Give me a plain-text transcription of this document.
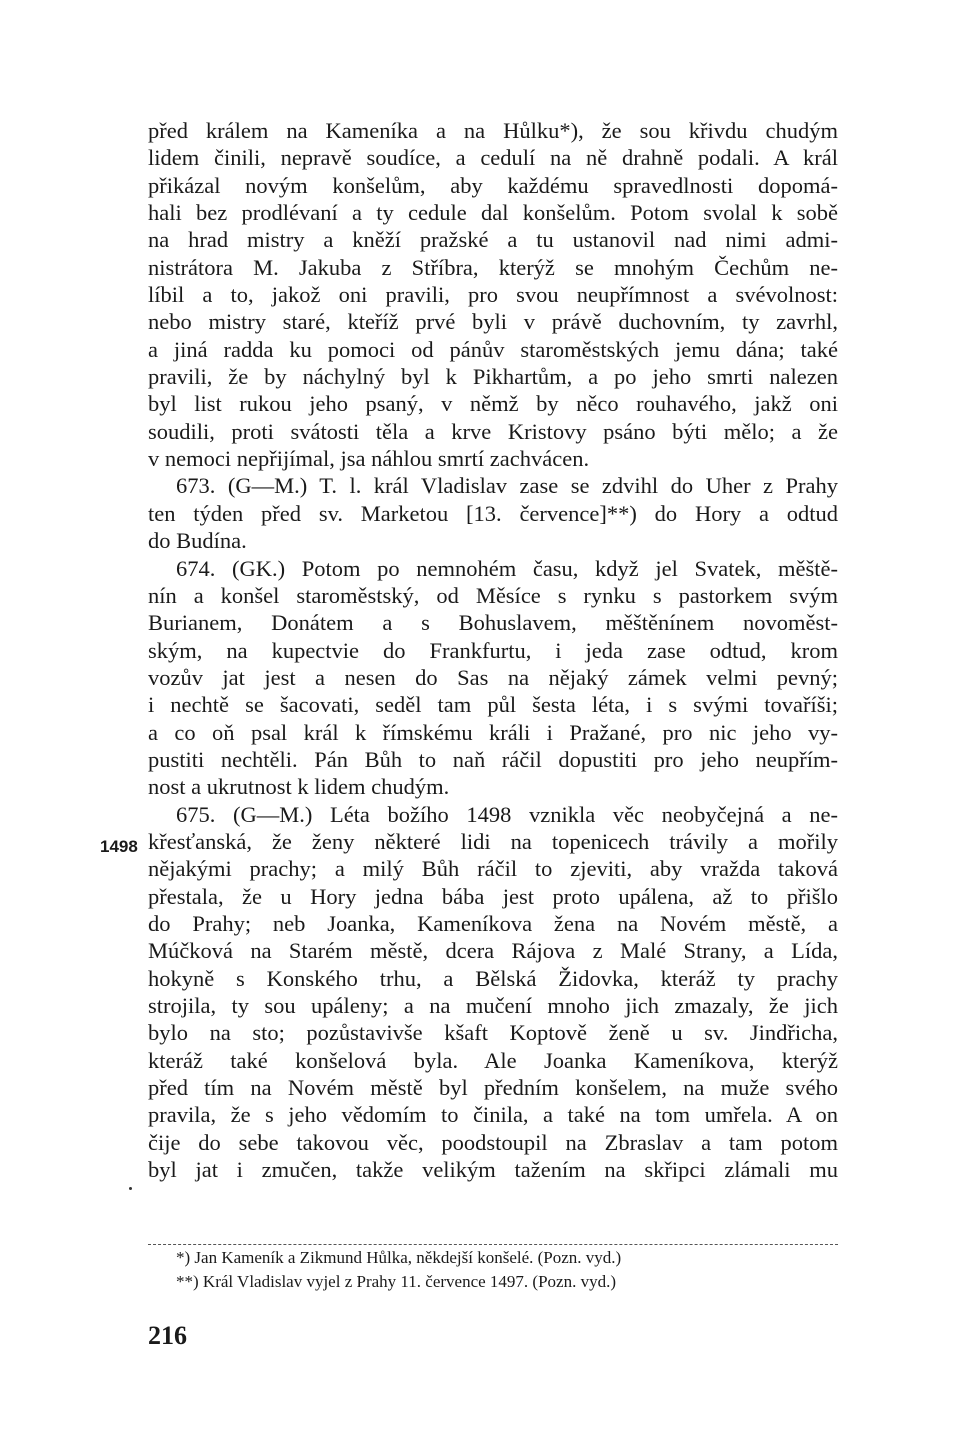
před králem na Kameníka a na Hůlku*), že sou křivdu chudým
lidem činili, nepravě soudíce, a cedulí na ně drahně podali. A král
přikázal novým konšelům, aby každému spravedlnosti dopomá-
hali bez prodlévaní a ty cedule dal konšelům. Potom svolal k sobě
na hrad mistry a kněží pražské a tu ustanovil nad nimi admi-
nistrátora M. Jakuba z Stříbra, kterýž se mnohým Čechům ne-
líbil a to, jakož oni pravili, pro svou neupřímnost a svévolnost:
nebo mistry staré, kteříž prvé byli v právě duchovním, ty zavrhl,
a jiná radda ku pomoci od pánův staroměstských jemu dána; také
pravili, že by náchylný byl k Pikhartům, a po jeho smrti nalezen
byl list rukou jeho psaný, v němž by něco rouhavého, jakž oni
soudili, proti svátosti těla a krve Kristovy psáno býti mělo; a že
v nemoci nepřijímal, jsa náhlou smrtí zachvácen.
673. (G—M.) T. l. král Vladislav zase se zdvihl do Uher z Prahy
ten týden před sv. Marketou [13. července]**) do Hory a odtud
do Budína.
674. (GK.) Potom po nemnohém času, když jel Svatek, měště-
nín a konšel staroměstský, od Měsíce s rynku s pastorkem svým
Burianem, Donátem a s Bohuslavem, měštěnínem novoměst-
ským, na kupectvie do Frankfurtu, i jeda zase odtud, krom
vozův jat jest a nesen do Sas na nějaký zámek velmi pevný;
i nechtě se šacovati, seděl tam půl šesta léta, i s svými tovaříši;
a co oň psal král k římskému králi i Pražané, pro nic jeho vy-
pustiti nechtěli. Pán Bůh to naň ráčil dopustiti pro jeho neupřím-
nost a ukrutnost k lidem chudým.
675. (G—M.) Léta božího 1498 vznikla věc neobyčejná a ne-
křesťanská, že ženy některé lidi na topenicech trávily a mořily
nějakými prachy; a milý Bůh ráčil to zjeviti, aby vražda taková
přestala, že u Hory jedna bába jest proto upálena, až to přišlo
do Prahy; neb Joanka, Kameníkova žena na Novém městě, a
Múčková na Starém městě, dcera Rájova z Malé Strany, a Lída,
hokyně s Konského trhu, a Bělská Židovka, kteráž ty prachy
strojila, ty sou upáleny; a na mučení mnoho jich zmazaly, že jich
bylo na sto; pozůstavivše kšaft Koptově ženě u sv. Jindřicha,
kteráž také konšelová byla. Ale Joanka Kameníkova, kterýž
před tím na Novém městě byl předním konšelem, na muže svého
pravila, že s jeho vědomím to činila, a také na tom umřela. A on
čije do sebe takovou věc, poodstoupil na Zbraslav a tam potom
byl jat i zmučen, takže velikým tažením na skřipci zlámali mu
1498
*) Jan Kameník a Zikmund Hůlka, někdejší konšelé. (Pozn. vyd.)
**) Král Vladislav vyjel z Prahy 11. července 1497. (Pozn. vyd.)
216
